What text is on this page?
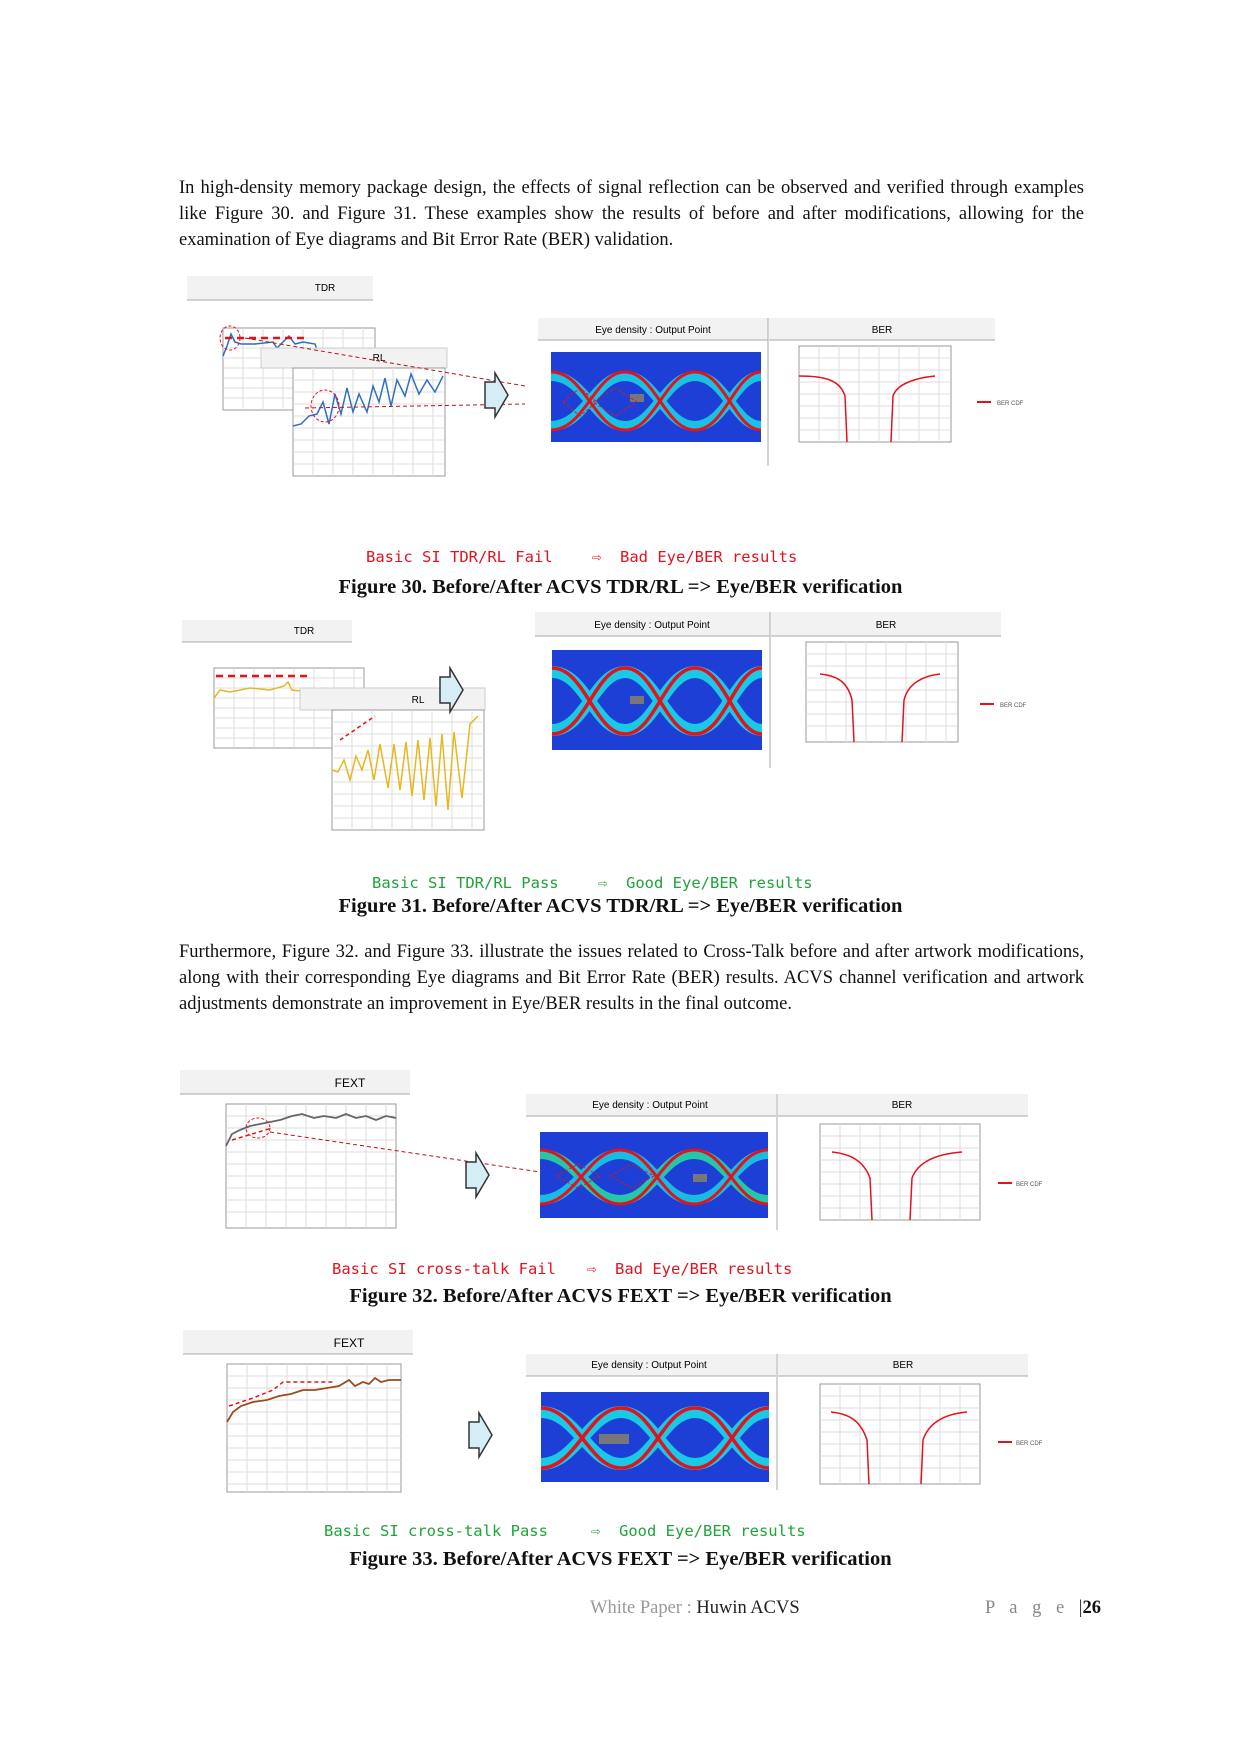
In high-density memory package design, the effects of signal reflection can be observed and verified through examples like Figure 30. and Figure 31. These examples show the results of before and after modifications, allowing for the examination of Eye diagrams and Bit Error Rate (BER) validation.

TDR
RL
Eye density : Output Point	BER
BER CDF
Basic SI TDR/RL Fail	⇨  Bad Eye/BER results
Figure 30. Before/After ACVS TDR/RL => Eye/BER verification
TDR
RL
Eye density : Output Point	BER
BER CDF
Basic SI TDR/RL Pass	⇨  Good Eye/BER results
Figure 31. Before/After ACVS TDR/RL => Eye/BER verification

Furthermore, Figure 32. and Figure 33. illustrate the issues related to Cross-Talk before and after artwork modifications, along with their corresponding Eye diagrams and Bit Error Rate (BER) results. ACVS channel verification and artwork adjustments demonstrate an improvement in Eye/BER results in the final outcome.

FEXT
Eye density : Output Point	BER
BER CDF
Basic SI cross-talk Fail ⇨  Bad Eye/BER results
Figure 32. Before/After ACVS FEXT => Eye/BER verification
FEXT
Eye density : Output Point	BER
BER CDF
Basic SI cross-talk Pass	⇨  Good Eye/BER results
Figure 33. Before/After ACVS FEXT => Eye/BER verification
White Paper : Huwin ACVS	P a g e |26
